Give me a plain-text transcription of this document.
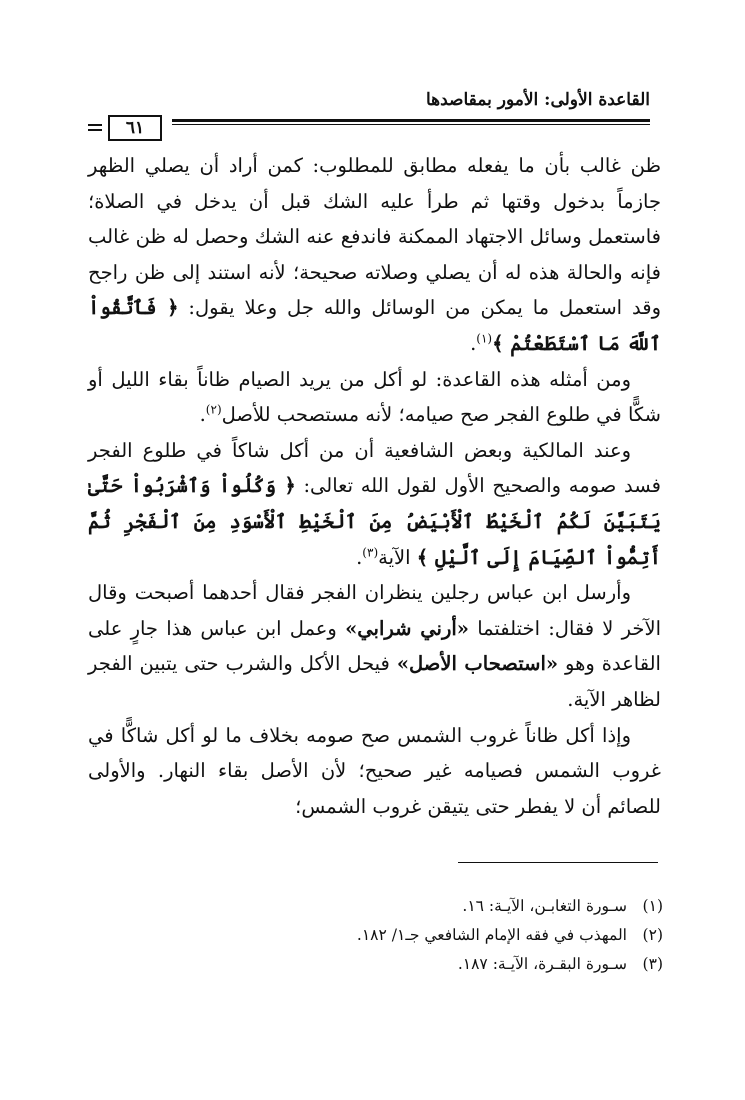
القاعدة الأولى: الأمور بمقاصدها
٦١

ظن غالب بأن ما يفعله مطابق للمطلوب: كمن أراد أن يصلي الظهر جازماً بدخول وقتها ثم طرأ عليه الشك قبل أن يدخل في الصلاة؛ فاستعمل وسائل الاجتهاد الممكنة فاندفع عنه الشك وحصل له ظن غالب فإنه والحالة هذه له أن يصلي وصلاته صحيحة؛ لأنه استند إلى ظن راجح وقد استعمل ما يمكن من الوسائل والله جل وعلا يقول: ﴿ فَٱتَّقُواْ ٱللَّهَ مَا ٱسْتَطَعْتُمْ ﴾$^{(١)}$.

ومن أمثله هذه القاعدة: لو أكل من يريد الصيام ظاناً بقاء الليل أو شكًّا في طلوع الفجر صح صيامه؛ لأنه مستصحب للأصل$^{(٢)}$.

وعند المالكية وبعض الشافعية أن من أكل شاكاً في طلوع الفجر فسد صومه والصحيح الأول لقول الله تعالى: ﴿ وَكُلُواْ وَٱشْرَبُواْ حَتَّىٰ يَتَبَيَّنَ لَكُمُ ٱلْخَيْطُ ٱلْأَبْيَضُ مِنَ ٱلْخَيْطِ ٱلْأَسْوَدِ مِنَ ٱلْفَجْرِ ثُمَّ أَتِمُّواْ ٱلصِّيَامَ إِلَى ٱلَّيْلِ ﴾ الآية$^{(٣)}$.

وأرسل ابن عباس رجلين ينظران الفجر فقال أحدهما أصبحت وقال الآخر لا فقال: اختلفتما «أرني شرابي» وعمل ابن عباس هذا جارٍ على القاعدة وهو «استصحاب الأصل» فيحل الأكل والشرب حتى يتبين الفجر لظاهر الآية.

وإذا أكل ظاناً غروب الشمس صح صومه بخلاف ما لو أكل شاكًّا في غروب الشمس فصيامه غير صحيح؛ لأن الأصل بقاء النهار. والأولى للصائم أن لا يفطر حتى يتيقن غروب الشمس؛

(١)
سـورة التغابـن، الآيـة: ١٦.
(٢)
المهذب في فقه الإمام الشافعي جـ١/ ١٨٢.
(٣)
سـورة البقـرة، الآيـة: ١٨٧.
